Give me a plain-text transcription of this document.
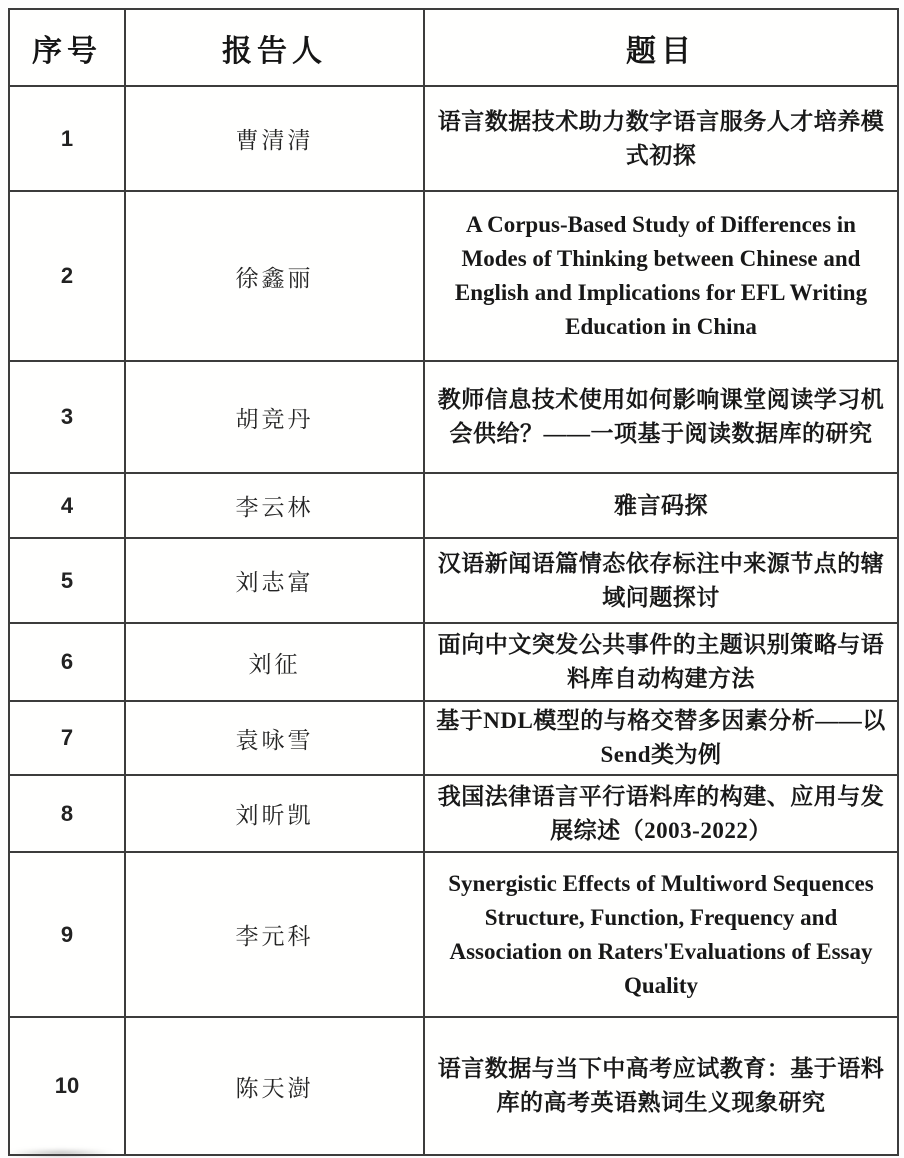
序号	报告人	题目
1	曹清清	语言数据技术助力数字语言服务人才培养模式初探
2	徐鑫丽	A Corpus-Based Study of Differences in Modes of Thinking between Chinese and English and Implications for EFL Writing Education in China
3	胡竞丹	教师信息技术使用如何影响课堂阅读学习机会供给？——一项基于阅读数据库的研究
4	李云林	雅言码探
5	刘志富	汉语新闻语篇情态依存标注中来源节点的辖域问题探讨
6	刘征	面向中文突发公共事件的主题识别策略与语料库自动构建方法
7	袁咏雪	基于NDL模型的与格交替多因素分析——以Send类为例
8	刘昕凯	我国法律语言平行语料库的构建、应用与发展综述（2003-2022）
9	李元科	Synergistic Effects of Multiword Sequences Structure, Function, Frequency and Association on Raters'Evaluations of Essay Quality
10	陈天澍	语言数据与当下中高考应试教育：基于语料库的高考英语熟词生义现象研究
